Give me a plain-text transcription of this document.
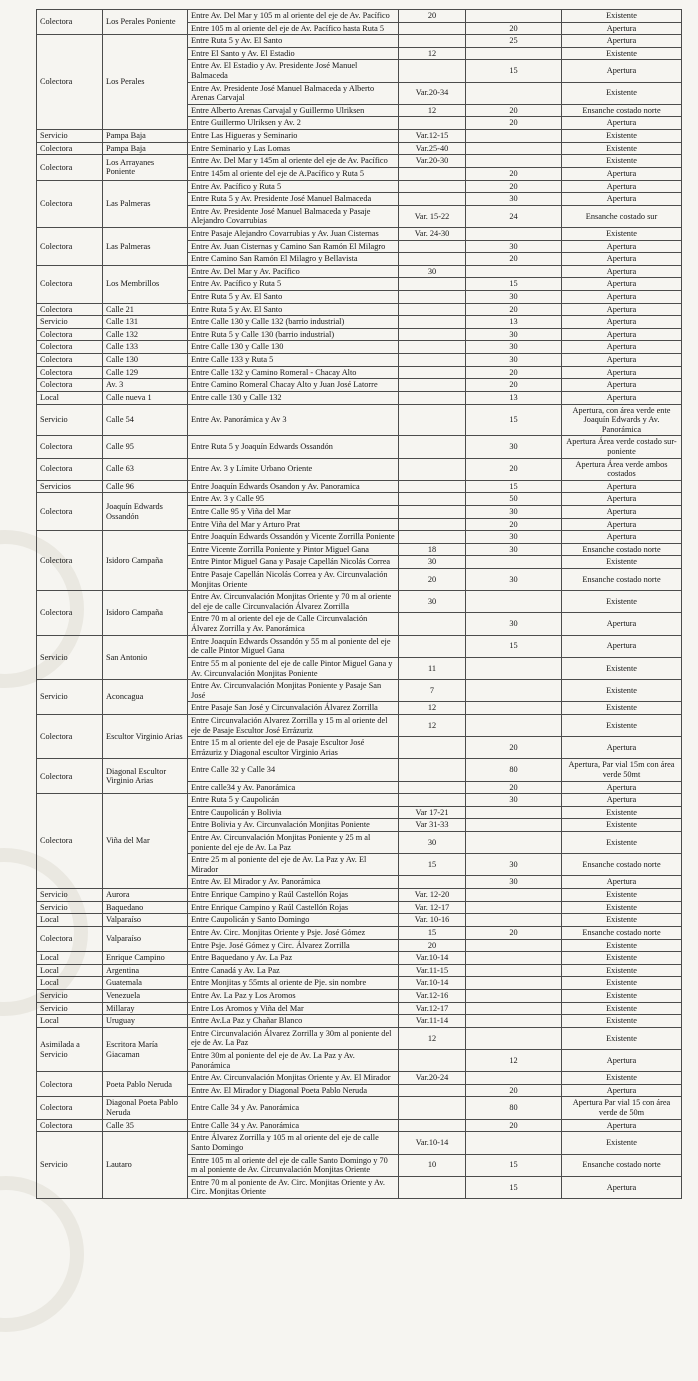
Colectora	Los Perales Poniente	Entre Av. Del Mar y 105 m al oriente del eje de Av. Pacífico	20		Existente
		Entre 105 m al oriente del eje de Av. Pacífico hasta Ruta 5		20	Apertura
Colectora	Los Perales	Entre Ruta 5 y Av. El Santo		25	Apertura
		Entre El Santo y Av. El Estadio	12		Existente
		Entre Av. El Estadio y Av. Presidente José Manuel Balmaceda		15	Apertura
		Entre Av. Presidente José Manuel Balmaceda y Alberto Arenas Carvajal	Var.20-34		Existente
		Entre Alberto Arenas Carvajal y Guillermo Ulriksen	12	20	Ensanche costado norte
		Entre Guillermo Ulriksen y Av. 2		20	Apertura
Servicio	Pampa Baja	Entre Las Higueras y Seminario	Var.12-15		Existente
Colectora	Pampa Baja	Entre Seminario y Las Lomas	Var.25-40		Existente
Colectora	Los Arrayanes Poniente	Entre Av. Del Mar y 145m al oriente del eje de Av. Pacífico	Var.20-30		Existente
		Entre 145m al oriente del eje de A.Pacífico y Ruta 5		20	Apertura
Colectora	Las Palmeras	Entre Av. Pacífico y Ruta 5		20	Apertura
		Entre Ruta 5 y Av. Presidente José Manuel Balmaceda		30	Apertura
		Entre Av. Presidente José Manuel Balmaceda y Pasaje Alejandro Covarrubias	Var. 15-22	24	Ensanche costado sur
Colectora	Las Palmeras	Entre Pasaje Alejandro Covarrubias y Av. Juan Cisternas	Var. 24-30		Existente
		Entre Av. Juan Cisternas y Camino San Ramón El Milagro		30	Apertura
		Entre Camino San Ramón El Milagro y Bellavista		20	Apertura
Colectora	Los Membrillos	Entre Av. Del Mar y Av. Pacífico	30		Apertura
		Entre Av. Pacífico y Ruta 5		15	Apertura
		Entre Ruta 5 y Av. El Santo		30	Apertura
Colectora	Calle 21	Entre Ruta 5 y Av. El Santo		20	Apertura
Servicio	Calle 131	Entre Calle 130 y Calle 132 (barrio industrial)		13	Apertura
Colectora	Calle 132	Entre Ruta 5 y Calle 130 (barrio industrial)		30	Apertura
Colectora	Calle 133	Entre Calle 130 y Calle 130		30	Apertura
Colectora	Calle 130	Entre Calle 133 y Ruta 5		30	Apertura
Colectora	Calle 129	Entre Calle 132 y Camino Romeral - Chacay Alto		20	Apertura
Colectora	Av. 3	Entre Camino Romeral Chacay Alto y Juan José Latorre		20	Apertura
Local	Calle nueva 1	Entre calle 130 y Calle 132		13	Apertura
Servicio	Calle 54	Entre Av. Panorámica y Av 3		15	Apertura, con área verde ente Joaquín Edwards y Av. Panorámica
Colectora	Calle 95	Entre Ruta 5 y Joaquín Edwards Ossandón		30	Apertura Área verde costado sur-poniente
Colectora	Calle 63	Entre Av. 3 y Límite Urbano Oriente		20	Apertura Área verde ambos costados
Servicios	Calle 96	Entre Joaquín Edwards Osandon y Av. Panoramica		15	Apertura
Colectora	Joaquín Edwards Ossandón	Entre Av. 3 y Calle 95		50	Apertura
		Entre Calle 95 y Viña del Mar		30	Apertura
		Entre Viña del Mar y Arturo Prat		20	Apertura
Colectora	Isidoro Campaña	Entre Joaquín Edwards Ossandón y Vicente Zorrilla Poniente		30	Apertura
		Entre Vicente Zorrilla Poniente y Pintor Miguel Gana	18	30	Ensanche costado norte
		Entre Pintor Miguel Gana y Pasaje Capellán Nicolás Correa	30		Existente
		Entre Pasaje Capellán Nicolás Correa y Av. Circunvalación Monjitas Oriente	20	30	Ensanche costado norte
Colectora	Isidoro Campaña	Entre Av. Circunvalación Monjitas Oriente y 70 m al oriente del eje de calle Circunvalación Álvarez Zorrilla	30		Existente
		Entre 70 m al oriente del eje de Calle Circunvalación Álvarez Zorrilla y Av. Panorámica		30	Apertura
Servicio	San Antonio	Entre Joaquín Edwards Ossandón y 55 m al poniente del eje de calle Pintor Miguel Gana		15	Apertura
		Entre 55 m al poniente del eje de calle Pintor Miguel Gana y Av. Circunvalación Monjitas Poniente	11		Existente
Servicio	Aconcagua	Entre Av. Circunvalación Monjitas Poniente y Pasaje San José	7		Existente
		Entre Pasaje San José y Circunvalación Álvarez Zorrilla	12		Existente
Colectora	Escultor Virginio Arias	Entre Circunvalación Alvarez Zorrilla y 15 m al oriente del eje de Pasaje Escultor José Errázuriz	12		Existente
		Entre 15 m al oriente del eje de Pasaje Escultor José Errázuriz y Diagonal escultor Virginio Arias		20	Apertura
Colectora	Diagonal Escultor Virginio Arias	Entre Calle 32 y Calle 34		80	Apertura, Par vial 15m con área verde 50mt
		Entre calle34 y Av. Panorámica		20	Apertura
Colectora	Viña del Mar	Entre Ruta 5 y Caupolicán		30	Apertura
		Entre Caupolicán y Bolivia	Var 17-21		Existente
		Entre Bolivia y Av. Circunvalación Monjitas Poniente	Var 31-33		Existente
		Entre Av. Circunvalación Monjitas Poniente y 25 m al poniente del eje de Av. La Paz	30		Existente
		Entre 25 m al poniente del eje de Av. La Paz y Av. El Mirador	15	30	Ensanche costado norte
		Entre Av. El Mirador y Av. Panorámica		30	Apertura
Servicio	Aurora	Entre Enrique Campino y Raúl Castellón Rojas	Var. 12-20		Existente
Servicio	Baquedano	Entre Enrique Campino y Raúl Castellón Rojas	Var. 12-17		Existente
Local	Valparaíso	Entre Caupolicán y Santo Domingo	Var. 10-16		Existente
Colectora	Valparaíso	Entre Av. Circ. Monjitas Oriente y Psje. José Gómez	15	20	Ensanche costado norte
		Entre Psje. José Gómez y Circ. Álvarez Zorrilla	20		Existente
Local	Enrique Campino	Entre Baquedano y Av. La Paz	Var.10-14		Existente
Local	Argentina	Entre Canadá y Av. La Paz	Var.11-15		Existente
Local	Guatemala	Entre Monjitas y 55mts al oriente de Pje. sin nombre	Var.10-14		Existente
Servicio	Venezuela	Entre Av. La Paz y Los Aromos	Var.12-16		Existente
Servicio	Millaray	Entre Los Aromos y Viña del Mar	Var.12-17		Existente
Local	Uruguay	Entre Av.La Paz y Chañar Blanco	Var.11-14		Existente
Asimilada a Servicio	Escritora María Giacaman	Entre Circunvalación Álvarez Zorrilla y 30m al poniente del eje de Av. La Paz	12		Existente
		Entre 30m al poniente del eje de Av. La Paz y Av. Panorámica		12	Apertura
Colectora	Poeta Pablo Neruda	Entre Av. Circunvalación Monjitas Oriente y Av. El Mirador	Var.20-24		Existente
		Entre Av. El Mirador y Diagonal Poeta Pablo Neruda		20	Apertura
Colectora	Diagonal Poeta Pablo Neruda	Entre Calle 34 y Av. Panorámica		80	Apertura Par vial 15 con área verde de 50m
Colectora	Calle 35	Entre Calle 34 y Av. Panorámica		20	Apertura
Servicio	Lautaro	Entre Álvarez Zorrilla y 105 m al oriente del eje de calle Santo Domingo	Var.10-14		Existente
		Entre 105 m al oriente del eje de calle Santo Domingo y 70 m al poniente de Av. Circunvalación Monjitas Oriente	10	15	Ensanche costado norte
		Entre 70 m al poniente de Av. Circ. Monjitas Oriente y Av. Circ. Monjitas Oriente		15	Apertura
